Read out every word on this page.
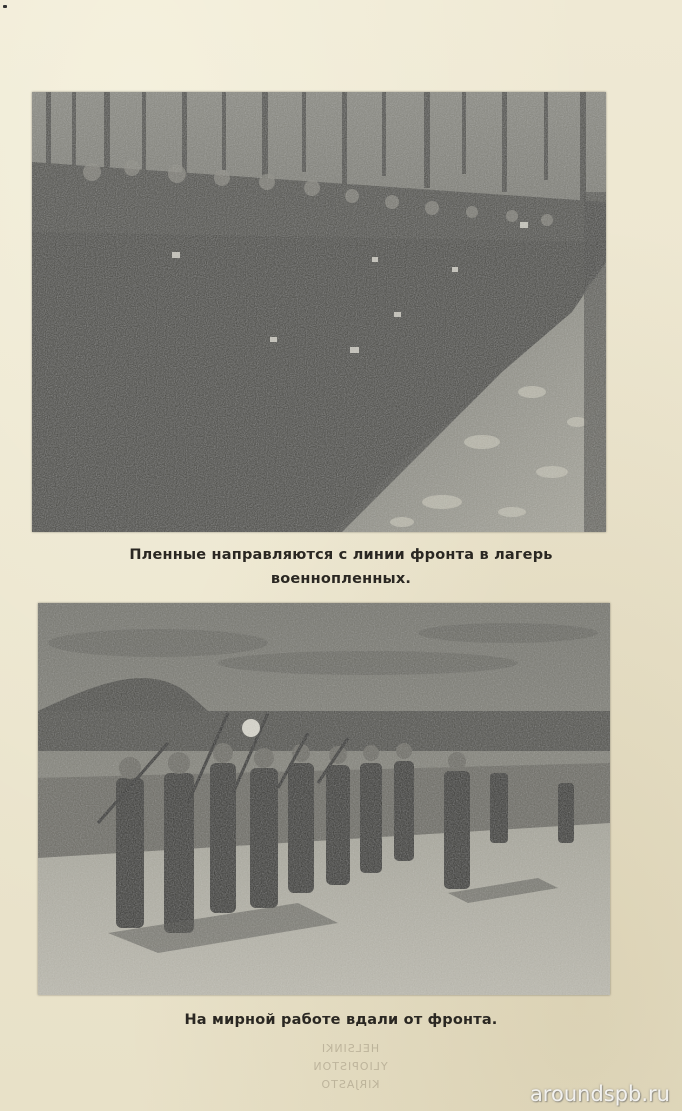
Пленные направляются с линии фронта в лагерь
военнопленных.
На мирной работе вдали от фронта.
HELSINKI
YLIOPISTON
KIRJASTO	aroundspb.ru
